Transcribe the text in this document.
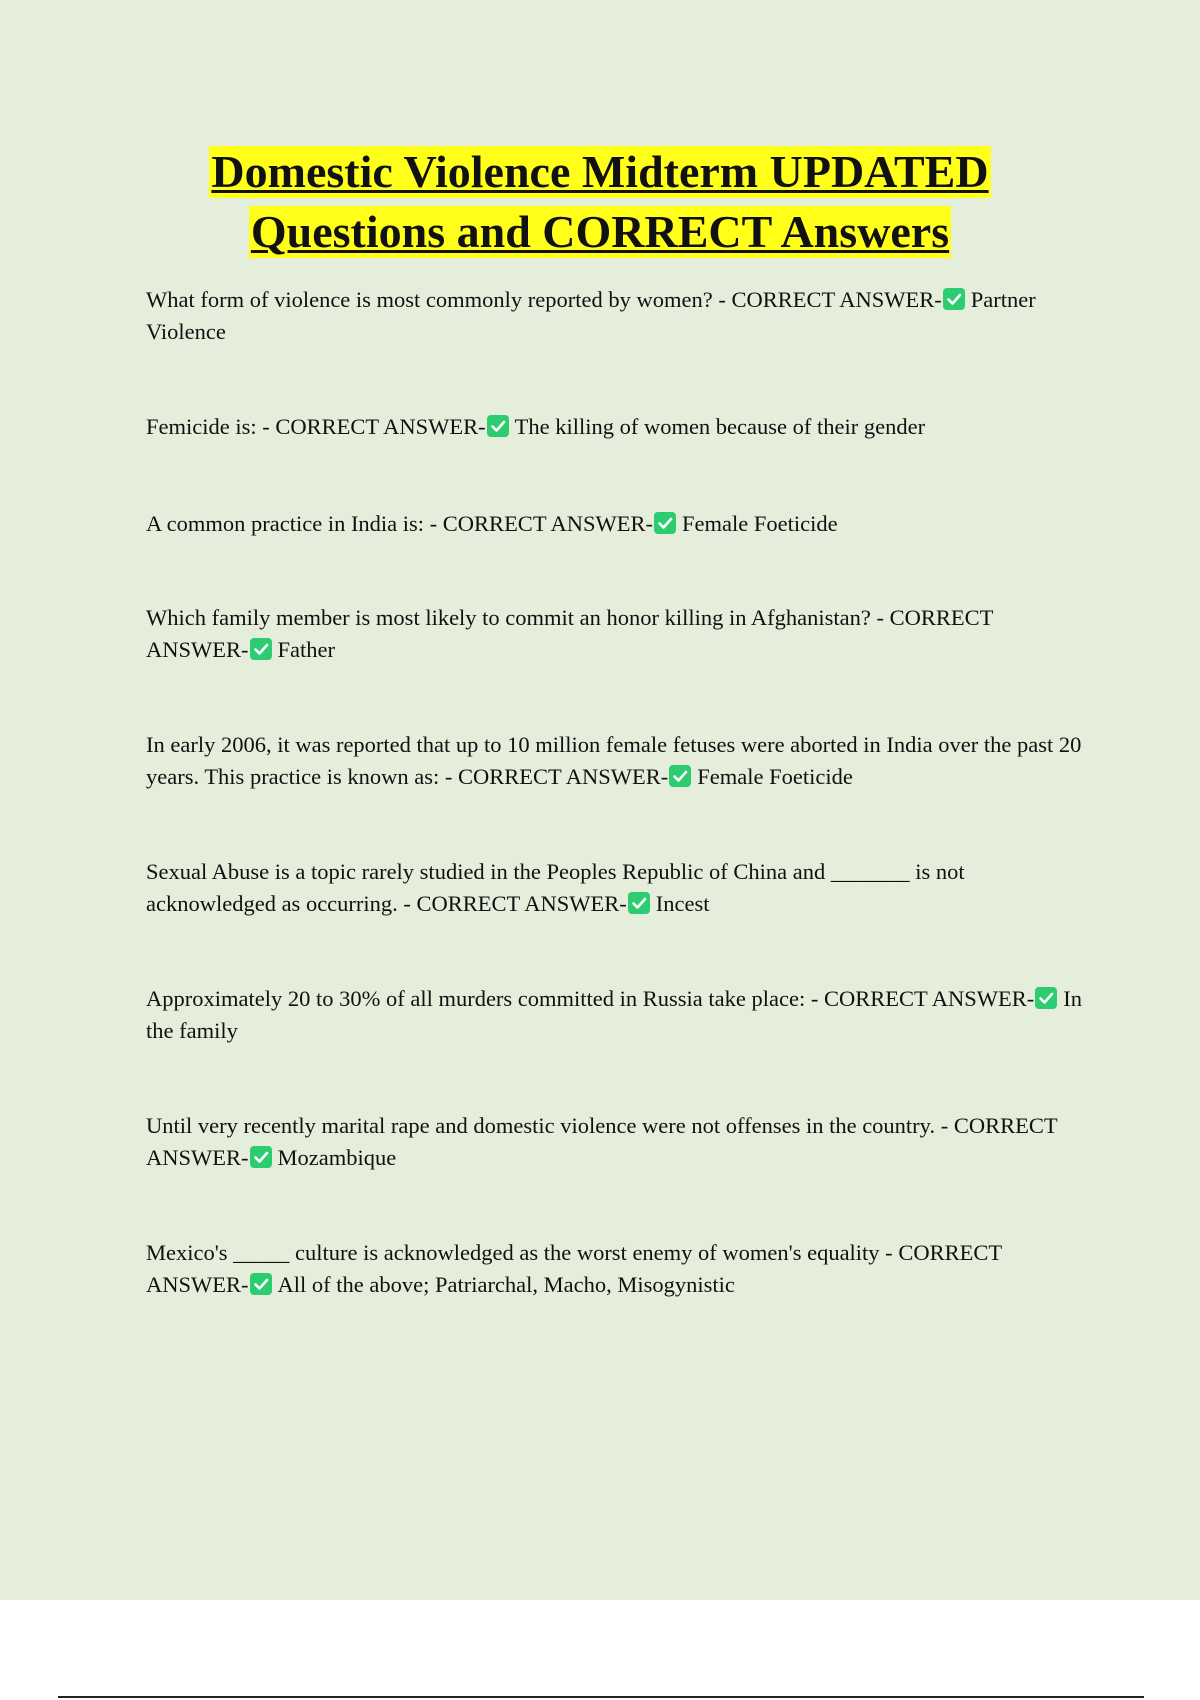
Domestic Violence Midterm UPDATED
Questions and CORRECT Answers

What form of violence is most commonly reported by women? - CORRECT ANSWER- Partner Violence

Femicide is: - CORRECT ANSWER- The killing of women because of their gender

A common practice in India is: - CORRECT ANSWER- Female Foeticide

Which family member is most likely to commit an honor killing in Afghanistan? - CORRECT ANSWER- Father

In early 2006, it was reported that up to 10 million female fetuses were aborted in India over the past 20 years. This practice is known as: - CORRECT ANSWER- Female Foeticide

Sexual Abuse is a topic rarely studied in the Peoples Republic of China and _______ is not acknowledged as occurring. - CORRECT ANSWER- Incest

Approximately 20 to 30% of all murders committed in Russia take place: - CORRECT ANSWER- In the family

Until very recently marital rape and domestic violence were not offenses in the country. - CORRECT ANSWER- Mozambique

Mexico's _____ culture is acknowledged as the worst enemy of women's equality - CORRECT ANSWER- All of the above; Patriarchal, Macho, Misogynistic
